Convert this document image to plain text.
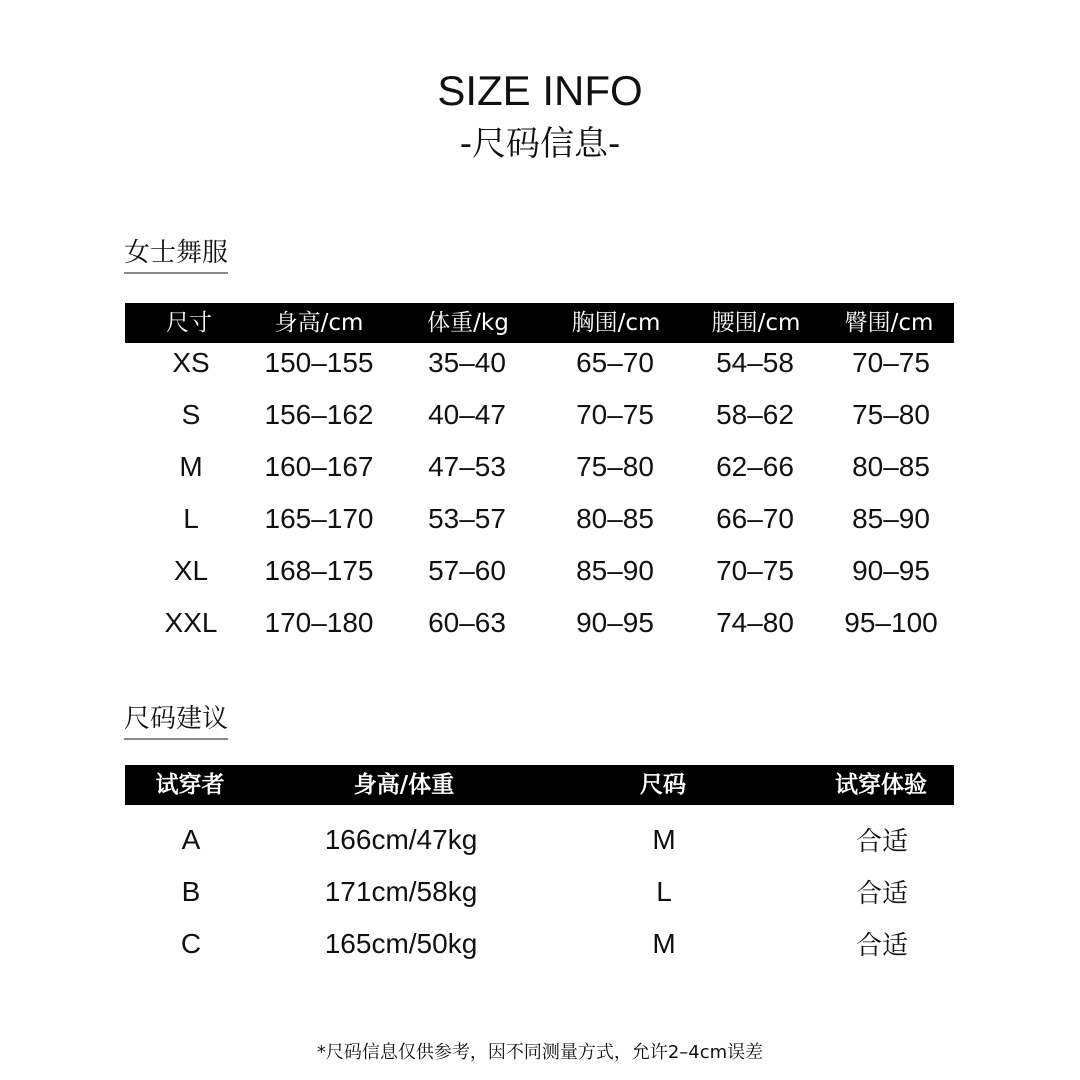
SIZE INFO
-尺码信息-
女士舞服
尺寸	身高/cm	体重/kg	胸围/cm 腰围/cm 臀围/cm
XS 150–155 35–40	65–70 54–58 70–75
S 156–162 40–47	70–75 58–62 75–80
M 160–167 47–53	75–80 62–66 80–85
L 165–170 53–57	80–85 66–70 85–90
XL 168–175 57–60	85–90 70–75 90–95
XXL 170–180 60–63	90–95 74–80 95–100
尺码建议
试穿者	身高/体重	尺码	试穿体验
A	166cm/47kg	M	合适
B	171cm/58kg	L	合适
C	165cm/50kg	M	合适
*尺码信息仅供参考，因不同测量方式，允许2–4cm误差
